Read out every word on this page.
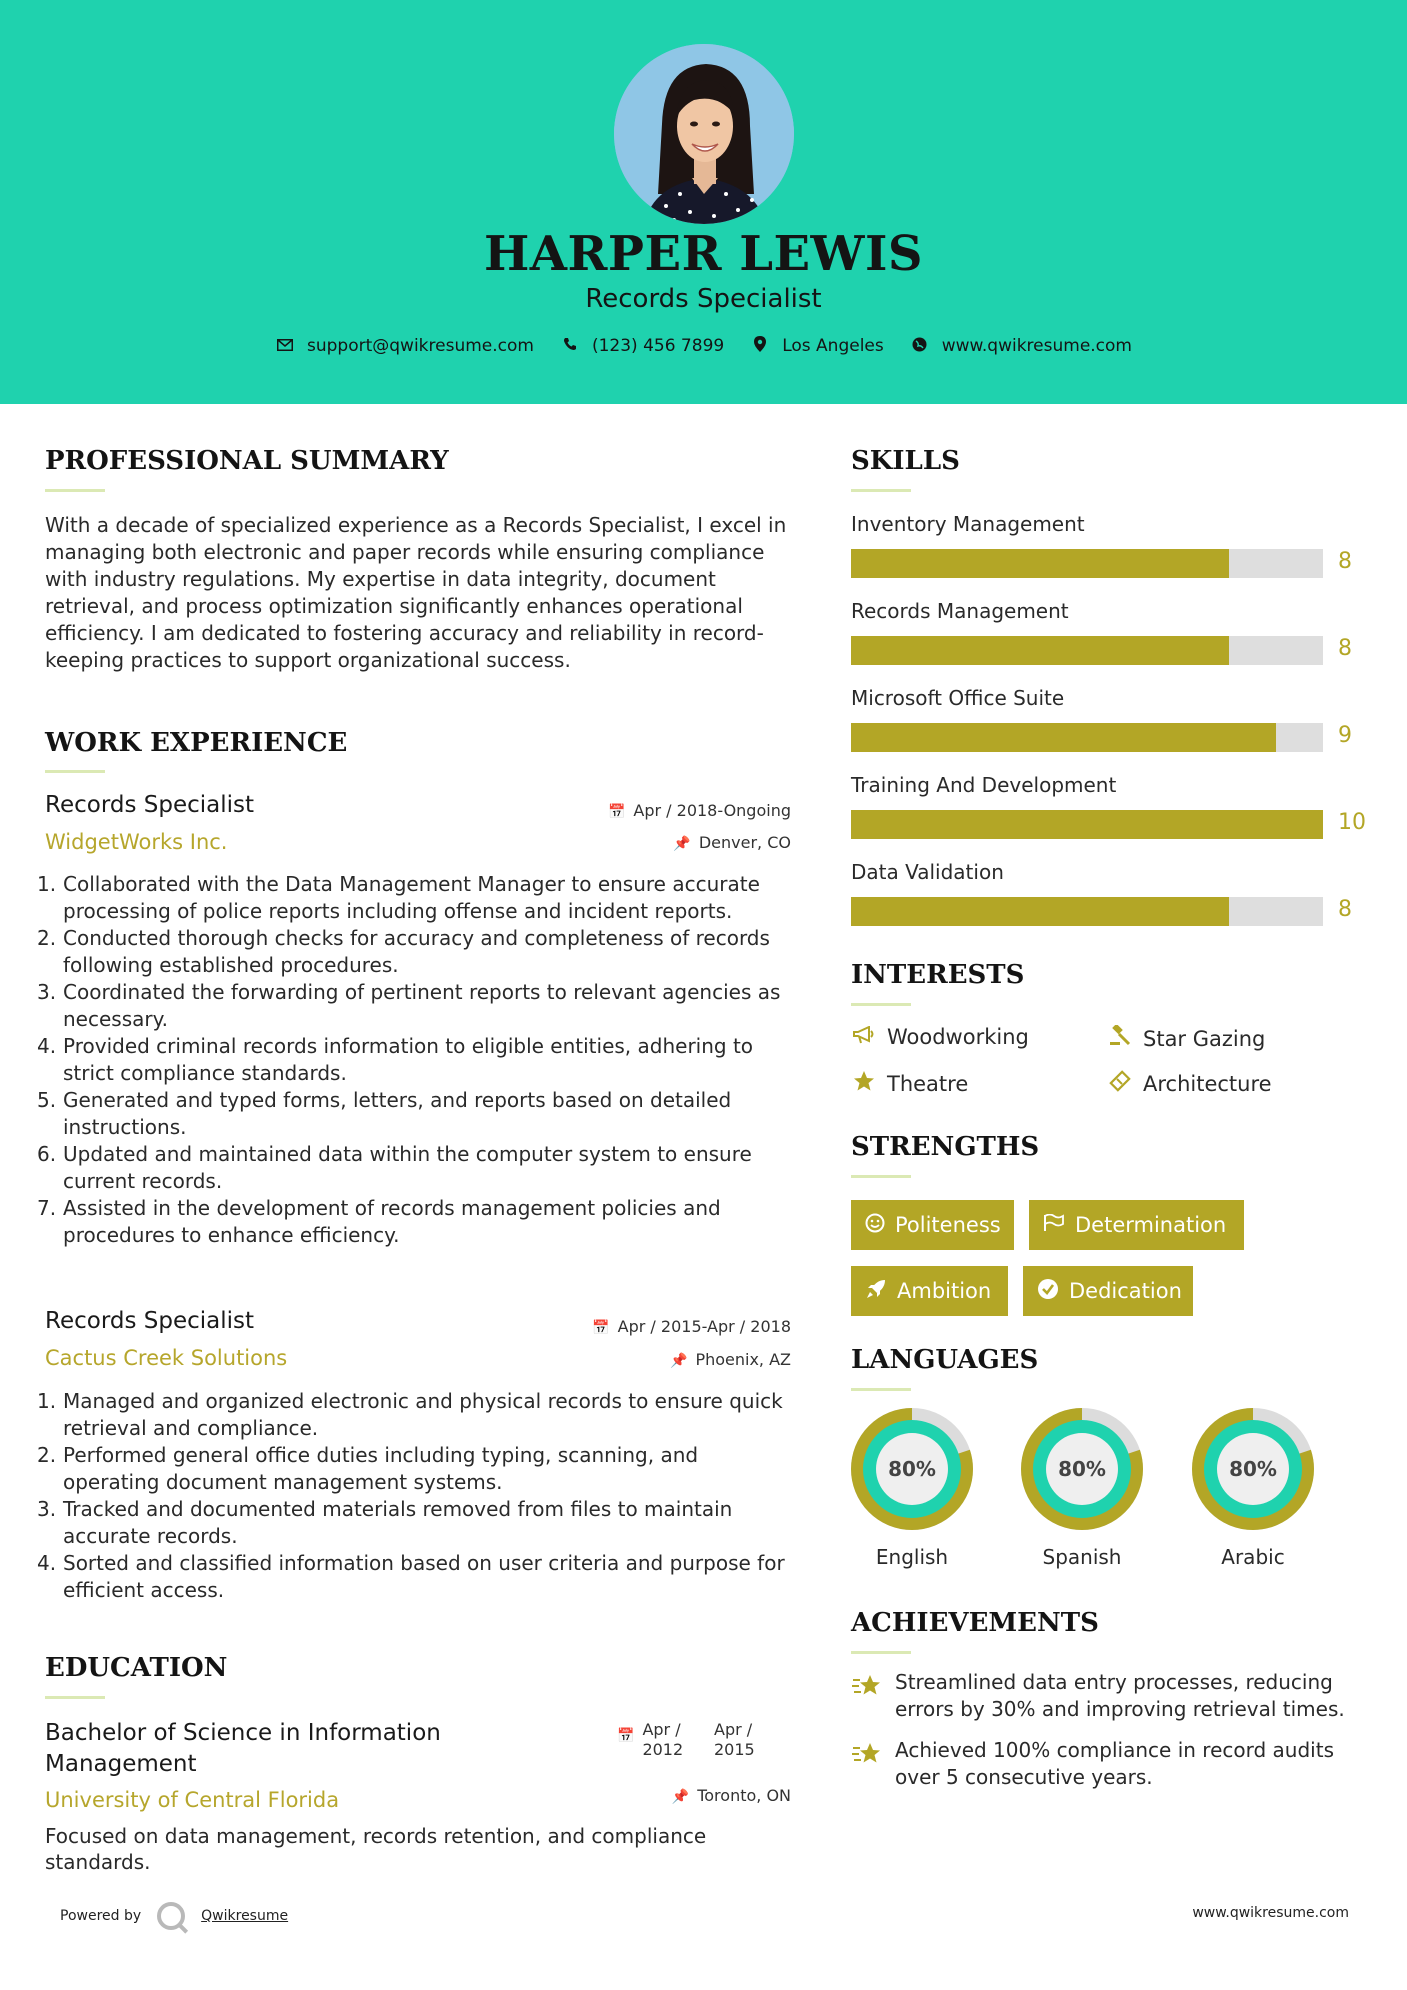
HARPER LEWIS
Records Specialist
support@qwikresume.com	(123) 456 7899	Los Angeles	www.qwikresume.com
PROFESSIONAL SUMMARY
With a decade of specialized experience as a Records Specialist, I excel in managing both electronic and paper records while ensuring compliance with industry regulations. My expertise in data integrity, document retrieval, and process optimization significantly enhances operational efficiency. I am dedicated to fostering accuracy and reliability in record-keeping practices to support organizational success.
WORK EXPERIENCE
Records Specialist
WidgetWorks Inc.
📅 Apr / 2018-Ongoing
📌 Denver, CO
1. Collaborated with the Data Management Manager to ensure accurate processing of police reports including offense and incident reports.
2. Conducted thorough checks for accuracy and completeness of records following established procedures.
3. Coordinated the forwarding of pertinent reports to relevant agencies as necessary.
4. Provided criminal records information to eligible entities, adhering to strict compliance standards.
5. Generated and typed forms, letters, and reports based on detailed instructions.
6. Updated and maintained data within the computer system to ensure current records.
7. Assisted in the development of records management policies and procedures to enhance efficiency.
Records Specialist
Cactus Creek Solutions
📅 Apr / 2015-Apr / 2018
📌 Phoenix, AZ
1. Managed and organized electronic and physical records to ensure quick retrieval and compliance.
2. Performed general office duties including typing, scanning, and operating document management systems.
3. Tracked and documented materials removed from files to maintain accurate records.
4. Sorted and classified information based on user criteria and purpose for efficient access.
EDUCATION
Bachelor of Science in Information Management
University of Central Florida
📅 Apr / 2012
Apr / 2015
📌 Toronto, ON
Focused on data management, records retention, and compliance standards.
SKILLS
Inventory Management
8
Records Management
8
Microsoft Office Suite
9
Training And Development
10
Data Validation
8
INTERESTS
Woodworking	Star Gazing
Theatre	Architecture
STRENGTHS
Politeness	Determination
Ambition	Dedication
LANGUAGES
80%
English
80%
Spanish
80%
Arabic
ACHIEVEMENTS
Streamlined data entry processes, reducing errors by 30% and improving retrieval times.
Achieved 100% compliance in record audits over 5 consecutive years.
Powered by	Qwikresume	www.qwikresume.com
